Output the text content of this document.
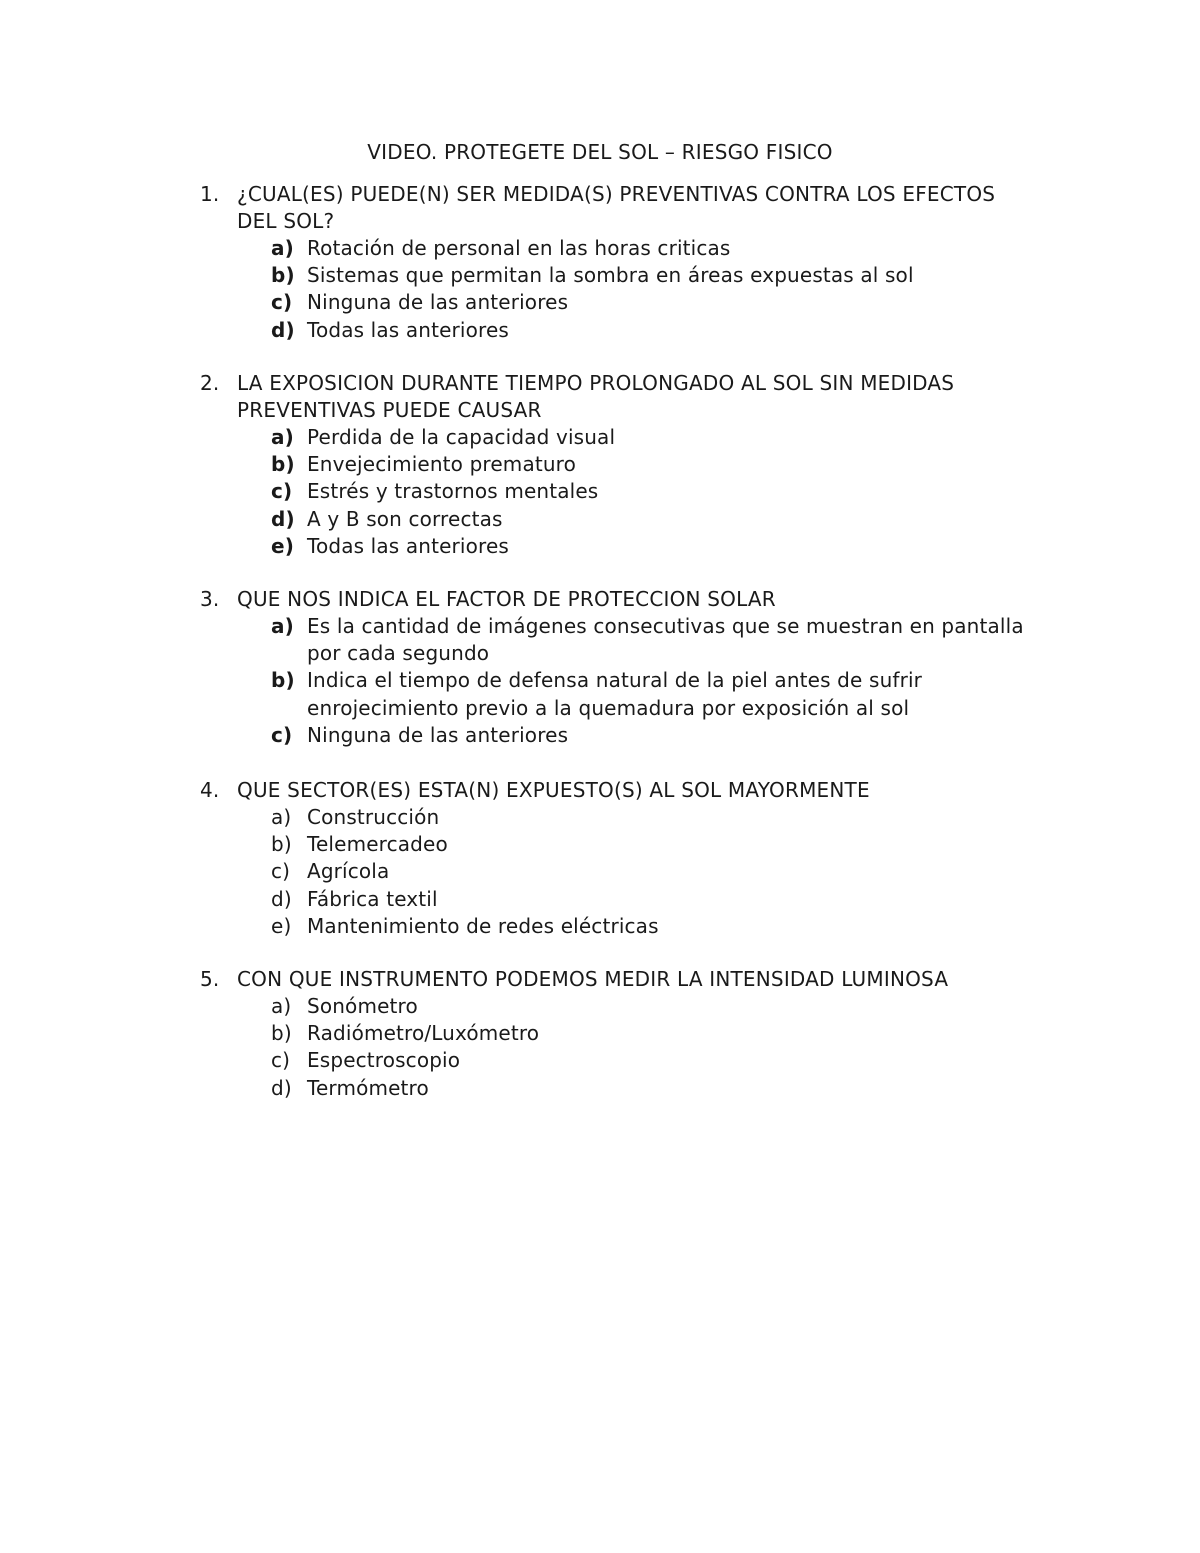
VIDEO. PROTEGETE DEL SOL – RIESGO FISICO
1. ¿CUAL(ES) PUEDE(N) SER MEDIDA(S) PREVENTIVAS CONTRA LOS EFECTOS DEL SOL?
a) Rotación de personal en las horas criticas
b) Sistemas que permitan la sombra en áreas expuestas al sol
c) Ninguna de las anteriores
d) Todas las anteriores
2. LA EXPOSICION DURANTE TIEMPO PROLONGADO AL SOL SIN MEDIDAS PREVENTIVAS PUEDE CAUSAR
a) Perdida de la capacidad visual
b) Envejecimiento prematuro
c) Estrés y trastornos mentales
d) A y B son correctas
e) Todas las anteriores
3. QUE NOS INDICA EL FACTOR DE PROTECCION SOLAR
a) Es la cantidad de imágenes consecutivas que se muestran en pantalla por cada segundo
b) Indica el tiempo de defensa natural de la piel antes de sufrir enrojecimiento previo a la quemadura por exposición al sol
c) Ninguna de las anteriores
4. QUE SECTOR(ES) ESTA(N) EXPUESTO(S) AL SOL MAYORMENTE
a) Construcción
b) Telemercadeo
c) Agrícola
d) Fábrica textil
e) Mantenimiento de redes eléctricas
5. CON QUE INSTRUMENTO PODEMOS MEDIR LA INTENSIDAD LUMINOSA
a) Sonómetro
b) Radiómetro/Luxómetro
c) Espectroscopio
d) Termómetro
